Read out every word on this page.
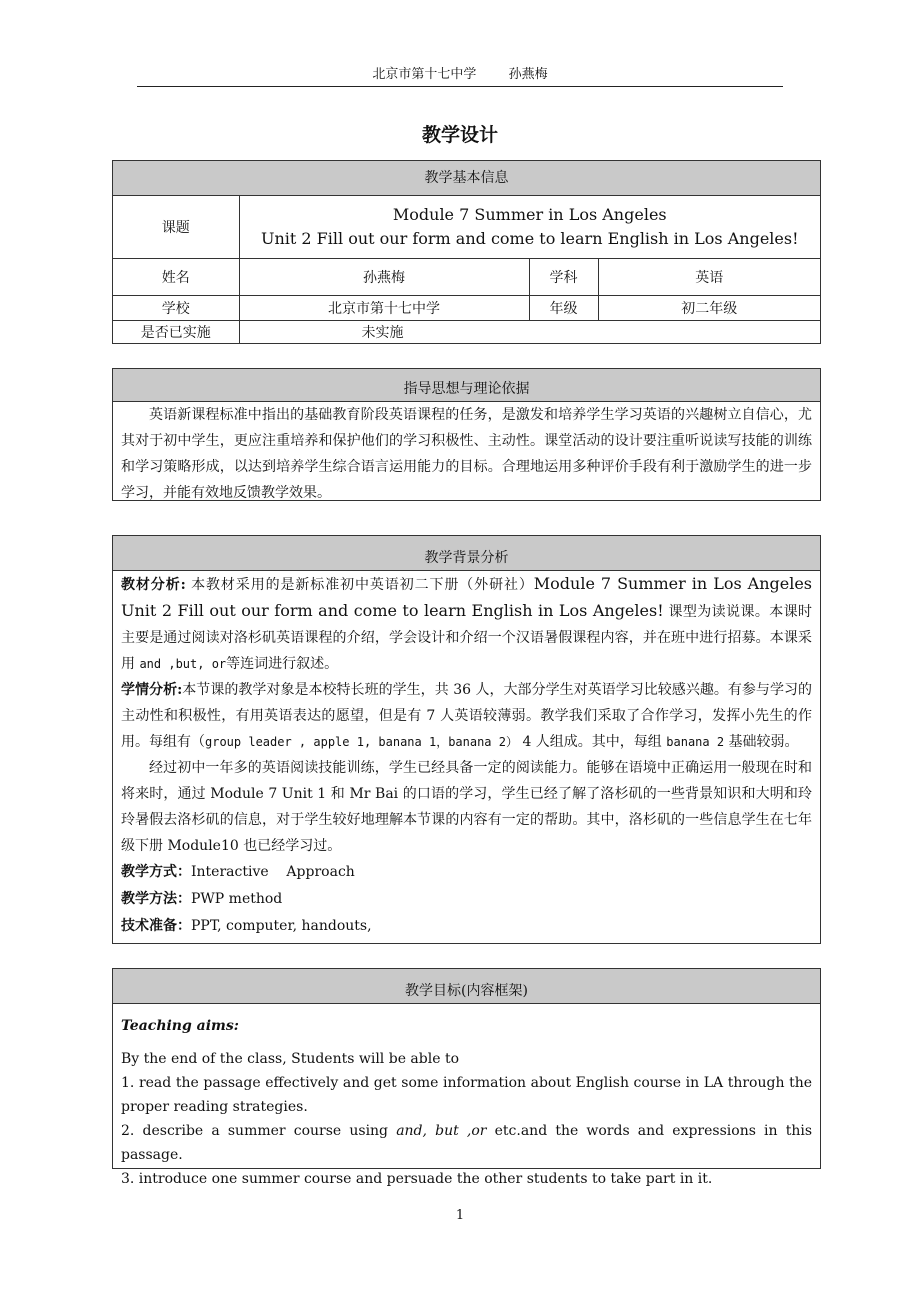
北京市第十七中学 孙燕梅
教学设计
教学基本信息
课题	Module 7 Summer in Los Angeles
Unit 2 Fill out our form and come to learn English in Los Angeles!		

姓名	孙燕梅	学科	英语
学校	北京市第十七中学	年级	初二年级
是否已实施	未实施		
指导思想与理论依据
英语新课程标准中指出的基础教育阶段英语课程的任务，是激发和培养学生学习英语的兴趣树立自信心，尤其对于初中学生，更应注重培养和保护他们的学习积极性、主动性。课堂活动的设计要注重听说读写技能的训练和学习策略形成，以达到培养学生综合语言运用能力的目标。合理地运用多种评价手段有利于激励学生的进一步学习，并能有效地反馈教学效果。
教学背景分析
教材分析: 本教材采用的是新标准初中英语初二下册（外研社）Module 7 Summer in Los Angeles Unit 2 Fill out our form and come to learn English in Los Angeles! 课型为读说课。本课时主要是通过阅读对洛杉矶英语课程的介绍，学会设计和介绍一个汉语暑假课程内容，并在班中进行招募。本课采用 and ,but, or等连词进行叙述。
学情分析:本节课的教学对象是本校特长班的学生，共 36 人，大部分学生对英语学习比较感兴趣。有参与学习的主动性和积极性，有用英语表达的愿望，但是有 7 人英语较薄弱。教学我们采取了合作学习，发挥小先生的作用。每组有（group leader , apple 1, banana 1，banana 2） 4 人组成。其中，每组 banana 2 基础较弱。
经过初中一年多的英语阅读技能训练，学生已经具备一定的阅读能力。能够在语境中正确运用一般现在时和将来时，通过 Module 7 Unit 1 和 Mr Bai 的口语的学习，学生已经了解了洛杉矶的一些背景知识和大明和玲玲暑假去洛杉矶的信息，对于学生较好地理解本节课的内容有一定的帮助。其中，洛杉矶的一些信息学生在七年级下册 Module10 也已经学习过。
教学方式：Interactive    Approach
教学方法：PWP method
技术准备：PPT, computer, handouts,
教学目标(内容框架)

Teaching aims:

By the end of the class, Students will be able to

1. read the passage effectively and get some information about English course in LA through the proper reading strategies.

2. describe a summer course using and, but ,or etc.and the words and expressions in this passage.

3. introduce one summer course and persuade the other students to take part in it.

1
